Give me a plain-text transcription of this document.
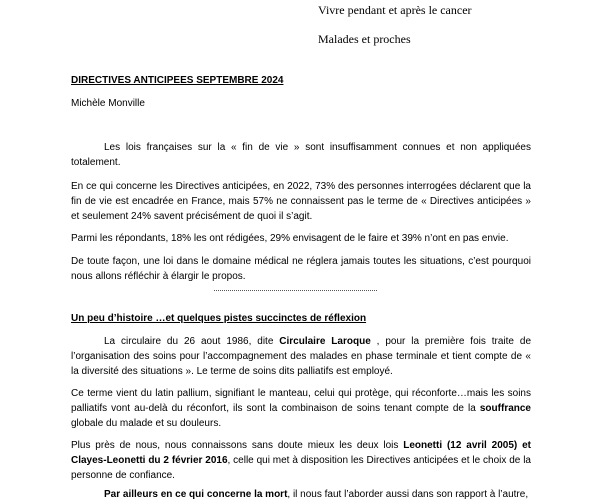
Vivre pendant et après le cancer
Malades et proches
DIRECTIVES ANTICIPEES SEPTEMBRE 2024
Michèle Monville

Les lois françaises sur la « fin de vie » sont insuffisamment connues et non appliquées totalement.

En ce qui concerne les Directives anticipées, en 2022, 73% des personnes interrogées déclarent que la fin de vie est encadrée en France, mais 57% ne connaissent pas le terme de « Directives anticipées » et seulement 24% savent précisément de quoi il s’agit.

Parmi les répondants, 18% les ont rédigées, 29% envisagent de le faire et 39% n’ont en pas envie.

De toute façon, une loi dans le domaine médical ne réglera jamais toutes les situations, c’est pourquoi nous allons réfléchir à élargir le propos.

Un peu d’histoire …et quelques pistes succinctes de réflexion

La circulaire du 26 aout 1986, dite Circulaire Laroque , pour la première fois traite de l’organisation des soins pour l’accompagnement des malades en phase terminale et tient compte de « la diversité des situations ». Le terme de soins dits palliatifs est employé.

Ce terme vient du latin pallium, signifiant le manteau, celui qui protège, qui réconforte…mais les soins palliatifs vont au-delà du réconfort, ils sont la combinaison de soins tenant compte de la souffrance globale du malade et su douleurs.

Plus près de nous, nous connaissons sans doute mieux les deux lois Leonetti (12 avril 2005) et Clayes-Leonetti du 2 février 2016, celle qui met à disposition les Directives anticipées et le choix de la personne de confiance.

Par ailleurs en ce qui concerne la mort, il nous faut l’aborder aussi dans son rapport à l’autre,
